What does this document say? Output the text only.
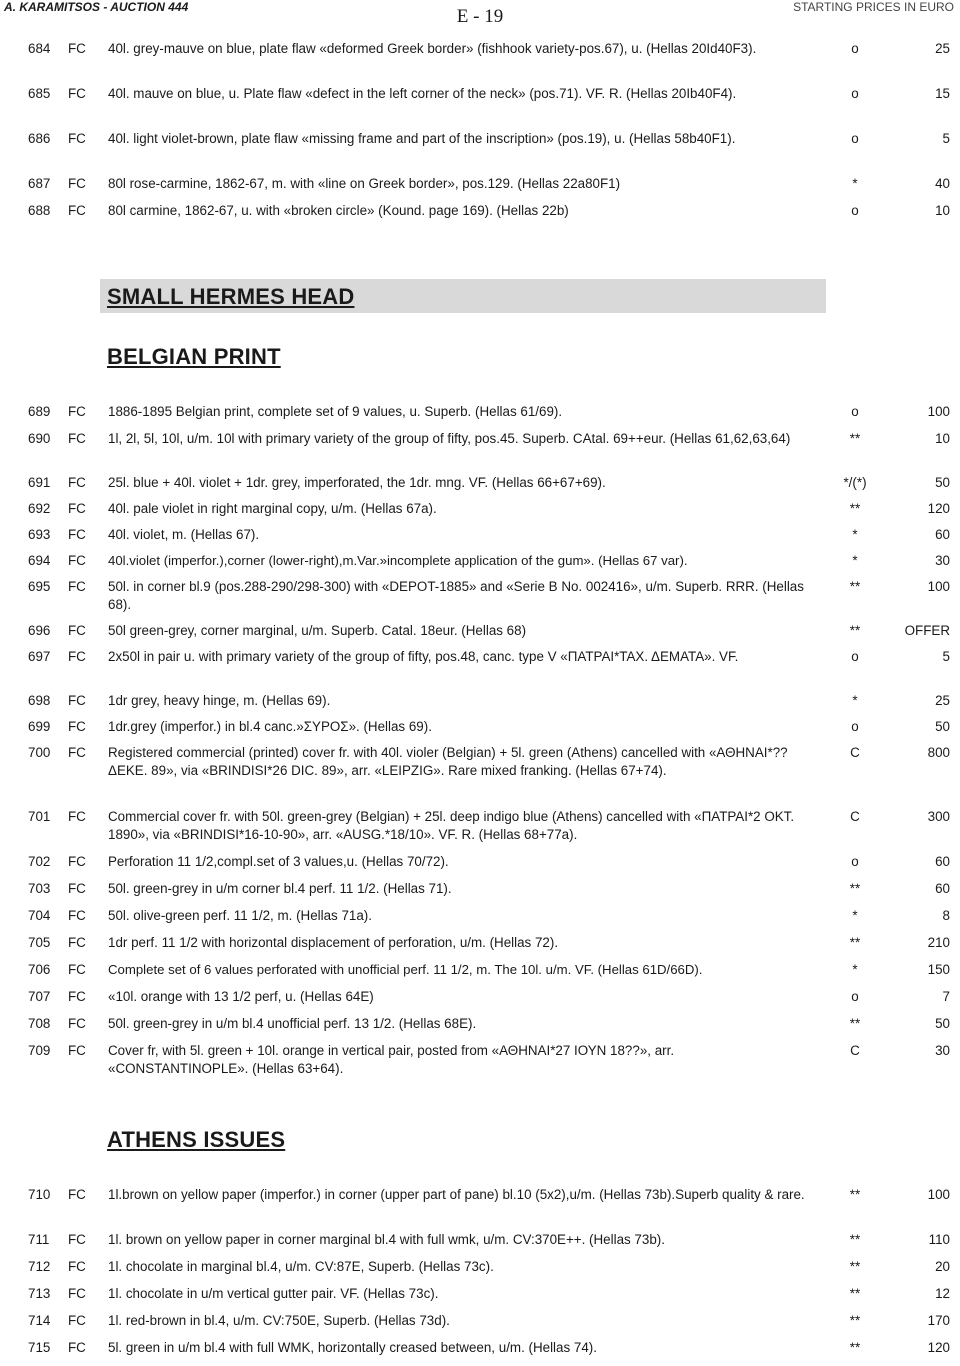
A. KARAMITSOS - AUCTION 444	E - 19	STARTING PRICES IN EURO
684 FC 40l. grey-mauve on blue, plate flaw «deformed Greek border» (fishhook variety-pos.67), u. (Hellas 20Id40F3).	o	25
685 FC 40l. mauve on blue, u. Plate flaw «defect in the left corner of the neck» (pos.71). VF. R. (Hellas 20Ib40F4).	o	15
686 FC 40l. light violet-brown, plate flaw «missing frame and part of the inscription» (pos.19), u. (Hellas 58b40F1).	o	5
687 FC 80l rose-carmine, 1862-67, m. with «line on Greek border», pos.129. (Hellas 22a80F1)	*	40
688 FC 80l carmine, 1862-67, u. with «broken circle» (Kound. page 169). (Hellas 22b)	o	10
SMALL HERMES HEAD
BELGIAN PRINT
689 FC 1886-1895 Belgian print, complete set of 9 values, u. Superb. (Hellas 61/69).	o	100
690 FC 1l, 2l, 5l, 10l, u/m. 10l with primary variety of the group of fifty, pos.45. Superb. CAtal. 69++eur. (Hellas 61,62,63,64)	**	10
691 FC 25l. blue + 40l. violet + 1dr. grey, imperforated, the 1dr. mng. VF. (Hellas 66+67+69).	*/(*)	50
692 FC 40l. pale violet in right marginal copy, u/m. (Hellas 67a).	**	120
693 FC 40l. violet, m. (Hellas 67).	*	60
694 FC 40l.violet (imperfor.),corner (lower-right),m.Var.»incomplete application of the gum». (Hellas 67 var).	*	30
695 FC 50l. in corner bl.9 (pos.288-290/298-300) with «DEPOT-1885» and «Serie B No. 002416», u/m. Superb. RRR. (Hellas 68).
**	100
696 FC 50l green-grey, corner marginal, u/m. Superb. Catal. 18eur. (Hellas 68)	**	OFFER
697 FC 2x50l in pair u. with primary variety of the group of fifty, pos.48, canc. type V «ΠΑΤΡΑΙ*ΤΑΧ. ΔΕΜΑΤΑ». VF.	o	5
698 FC 1dr grey, heavy hinge, m. (Hellas 69).	*	25
699 FC 1dr.grey (imperfor.) in bl.4 canc.»ΣΥΡΟΣ». (Hellas 69).	o	50
700 FC Registered commercial (printed) cover fr. with 40l. violer (Belgian) + 5l. green (Athens) cancelled with «ΑΘΗΝΑΙ*?? ΔΕΚΕ. 89», via «BRINDISI*26 DIC. 89», arr. «LEIPZIG». Rare mixed franking. (Hellas 67+74).
C	800
701 FC Commercial cover fr. with 50l. green-grey (Belgian) + 25l. deep indigo blue (Athens) cancelled with «ΠΑΤΡΑΙ*2 ΟΚΤ. 1890», via «BRINDISI*16-10-90», arr. «AUSG.*18/10». VF. R. (Hellas 68+77a).
C	300
702 FC Perforation 11 1/2,compl.set of 3 values,u. (Hellas 70/72).	o	60
703 FC 50l. green-grey in u/m corner bl.4 perf. 11 1/2. (Hellas 71).	**	60
704 FC 50l. olive-green perf. 11 1/2, m. (Hellas 71a).	*	8
705 FC 1dr perf. 11 1/2 with horizontal displacement of perforation, u/m. (Hellas 72).	**	210
706 FC Complete set of 6 values perforated with unofficial perf. 11 1/2, m. The 10l. u/m. VF. (Hellas 61D/66D).	*	150
707 FC «10l. orange with 13 1/2 perf, u. (Hellas 64E)	o	7
708 FC 50l. green-grey in u/m bl.4 unofficial perf. 13 1/2. (Hellas 68E).	**	50
709 FC Cover fr, with 5l. green + 10l. orange in vertical pair, posted from «ΑΘΗΝΑΙ*27 ΙΟΥΝ 18??», arr. «CONSTANTINOPLE». (Hellas 63+64).
C	30
ATHENS ISSUES
710 FC 1l.brown on yellow paper (imperfor.) in corner (upper part of pane) bl.10 (5x2),u/m. (Hellas 73b).Superb quality & rare.	**	100
711 FC 1l. brown on yellow paper in corner marginal bl.4 with full wmk, u/m. CV:370E++. (Hellas 73b).	**	110
712 FC 1l. chocolate in marginal bl.4, u/m. CV:87E, Superb. (Hellas 73c).	**	20
713 FC 1l. chocolate in u/m vertical gutter pair. VF. (Hellas 73c).	**	12
714 FC 1l. red-brown in bl.4, u/m. CV:750E, Superb. (Hellas 73d).	**	170
715 FC 5l. green in u/m bl.4 with full WMK, horizontally creased between, u/m. (Hellas 74).	**	120
